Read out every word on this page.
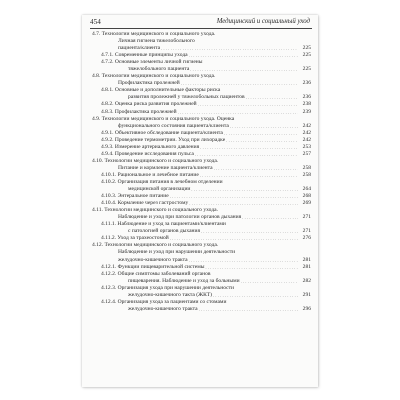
454	Медицинский и социальный уход
4.7. Технологии медицинского и социального ухода.
Личная гигиена тяжелобольного
пациента/клиента . . .	225
4.7.1. Современные принципы ухода . . .	225
4.7.2. Основные элементы личной гигиены
тяжелобольного пациента . . .	225
4.8. Технологии медицинского и социального ухода.
Профилактика пролежней . . .	236
4.8.1. Основные и дополнительные факторы риска
развития пролежней у тяжелобольных пациентов . . .	236
4.8.2. Оценка риска развития пролежней . . .	238
4.8.3. Профилактика пролежней . . .	239
4.9. Технологии медицинского и социального ухода. Оценка
функционального состояния пациента/клиента . . .	242
4.9.1. Объективное обследование пациента/клиента . . .	242
4.9.2. Проведение термометрии. Уход при лихорадке . . .	242
4.9.3. Измерение артериального давления . . .	253
4.9.4. Проведение исследования пульса . . .	257
4.10. Технологии медицинского и социального ухода.
Питание и кормление пациента/клиента . . .	258
4.10.1. Рациональное и лечебное питание . . .	258
4.10.2. Организация питания в лечебном отделении
медицинской организации . . .	264
4.10.3. Энтеральное питание . . .	268
4.10.4. Кормление через гастростому . . .	269
4.11. Технологии медицинского и социального ухода.
Наблюдение и уход при патологии органов дыхания . . .	271
4.11.1. Наблюдение и уход за пациентами/клиентами
с патологией органов дыхания . . .	271
4.11.2. Уход за трахеостомой . . .	276
4.12. Технологии медицинского и социального ухода.
Наблюдение и уход при нарушении деятельности
желудочно-кишечного тракта . . .	281
4.12.1. Функции пищеварительной системы . . .	281
4.12.2. Общие симптомы заболеваний органов
пищеварения. Наблюдение и уход за больными . . .	282
4.12.3. Организация ухода при нарушении деятельности
желудочно-кишечного такта (ЖКТ) . . .	291
4.12.4. Организация ухода за пациентами со стомами
желудочно-кишечного тракта . . .	296
